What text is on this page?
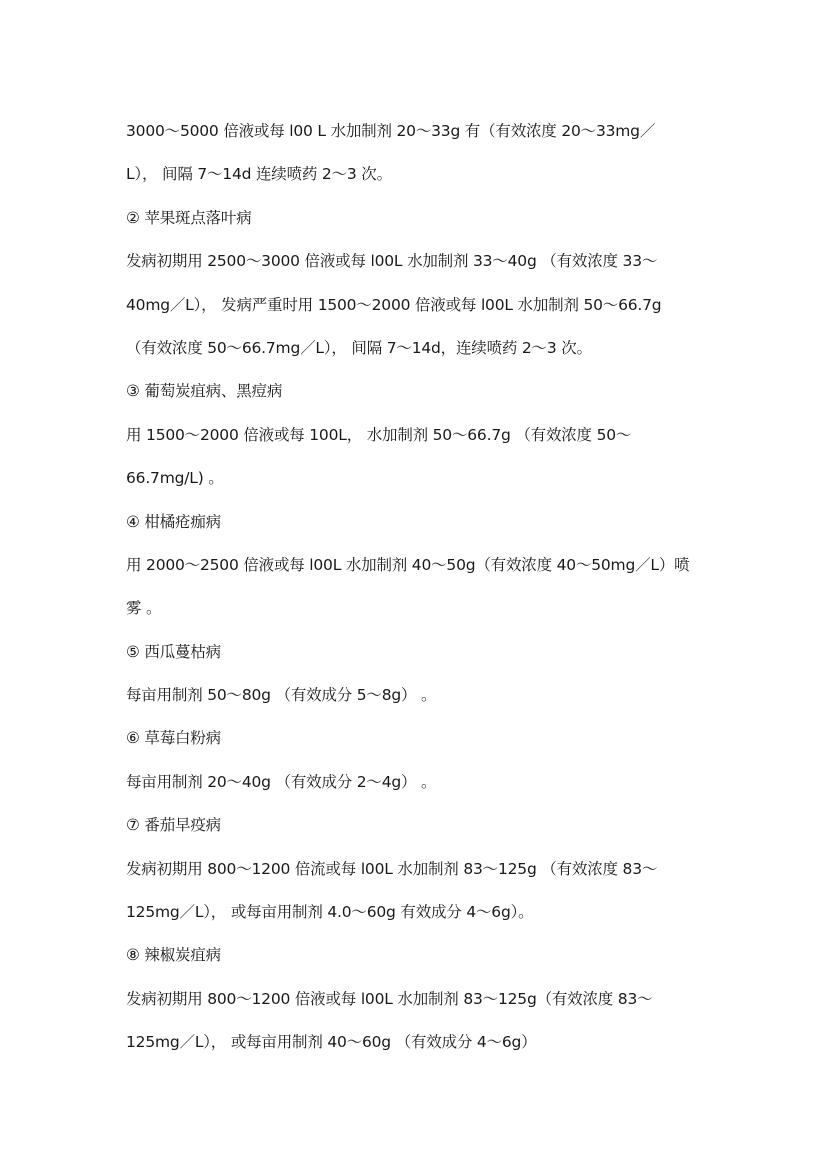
3000～5000 倍液或每 l00 L 水加制剂 20～33g 有（有效浓度 20～33mg／
L）， 间隔 7～14d 连续喷药 2～3 次。
② 苹果斑点落叶病
发病初期用 2500～3000 倍液或每 l00L 水加制剂 33～40g （有效浓度 33～
40mg／L）， 发病严重时用 1500～2000 倍液或每 l00L 水加制剂 50～66.7g
（有效浓度 50～66.7mg／L）， 间隔 7～14d，连续喷药 2～3 次。
③ 葡萄炭疽病、黑痘病
用 1500～2000 倍液或每 100L， 水加制剂 50～66.7g （有效浓度 50～
66.7mg/L) 。
④ 柑橘疮痂病
用 2000～2500 倍液或每 l00L 水加制剂 40～50g（有效浓度 40～50mg／L）喷
雾 。
⑤ 西瓜蔓枯病
每亩用制剂 50～80g （有效成分 5～8g） 。
⑥ 草莓白粉病
每亩用制剂 20～40g （有效成分 2～4g） 。
⑦ 番茄早疫病
发病初期用 800～1200 倍流或每 l00L 水加制剂 83～125g （有效浓度 83～
125mg／L）， 或每亩用制剂 4.0～60g 有效成分 4～6g）。
⑧ 辣椒炭疽病
发病初期用 800～1200 倍液或每 l00L 水加制剂 83～125g（有效浓度 83～
125mg／L）， 或每亩用制剂 40～60g （有效成分 4～6g）
